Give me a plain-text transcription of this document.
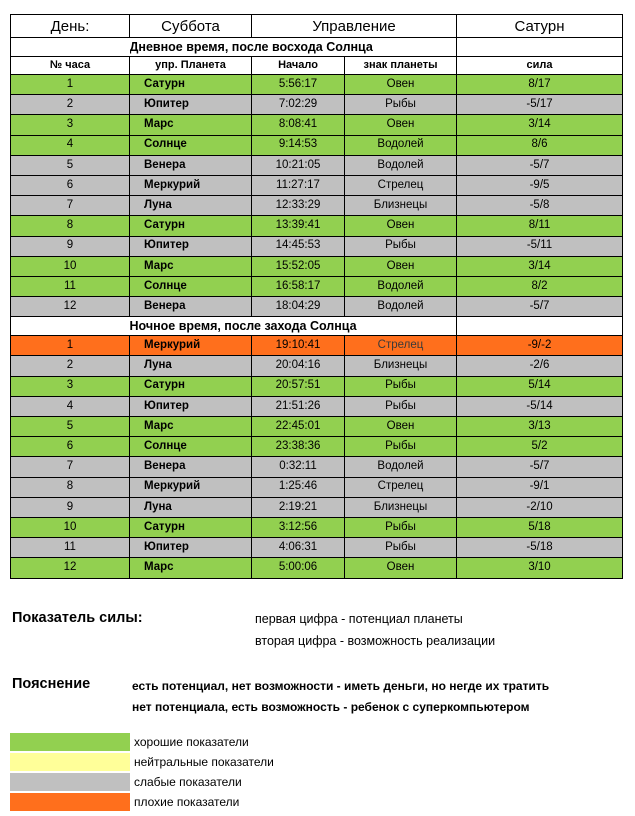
День:	Суббота	Управление		Сатурн
	Дневное время, после восхода Солнца			
№ часа	упр. Планета	Начало	знак планеты	сила
1	Сатурн	5:56:17	Овен	8/17
2	Юпитер	7:02:29	Рыбы	-5/17
3	Марс	8:08:41	Овен	3/14
4	Солнце	9:14:53	Водолей	8/6
5	Венера	10:21:05	Водолей	-5/7
6	Меркурий	11:27:17	Стрелец	-9/5
7	Луна	12:33:29	Близнецы	-5/8
8	Сатурн	13:39:41	Овен	8/11
9	Юпитер	14:45:53	Рыбы	-5/11
10	Марс	15:52:05	Овен	3/14
11	Солнце	16:58:17	Водолей	8/2
12	Венера	18:04:29	Водолей	-5/7
	Ночное время, после захода Солнца			
1	Меркурий	19:10:41	Стрелец	-9/-2
2	Луна	20:04:16	Близнецы	-2/6
3	Сатурн	20:57:51	Рыбы	5/14
4	Юпитер	21:51:26	Рыбы	-5/14
5	Марс	22:45:01	Овен	3/13
6	Солнце	23:38:36	Рыбы	5/2
7	Венера	0:32:11	Водолей	-5/7
8	Меркурий	1:25:46	Стрелец	-9/1
9	Луна	2:19:21	Близнецы	-2/10
10	Сатурн	3:12:56	Рыбы	5/18
11	Юпитер	4:06:31	Рыбы	-5/18
12	Марс	5:00:06	Овен	3/10
Показатель силы:	первая цифра - потенциал планеты
вторая цифра - возможность реализации
Пояснение	есть потенциал, нет возможности - иметь деньги, но негде их тратить
нет потенциала, есть возможность - ребенок с суперкомпьютером
хорошие показатели
нейтральные показатели
слабые показатели
плохие показатели
